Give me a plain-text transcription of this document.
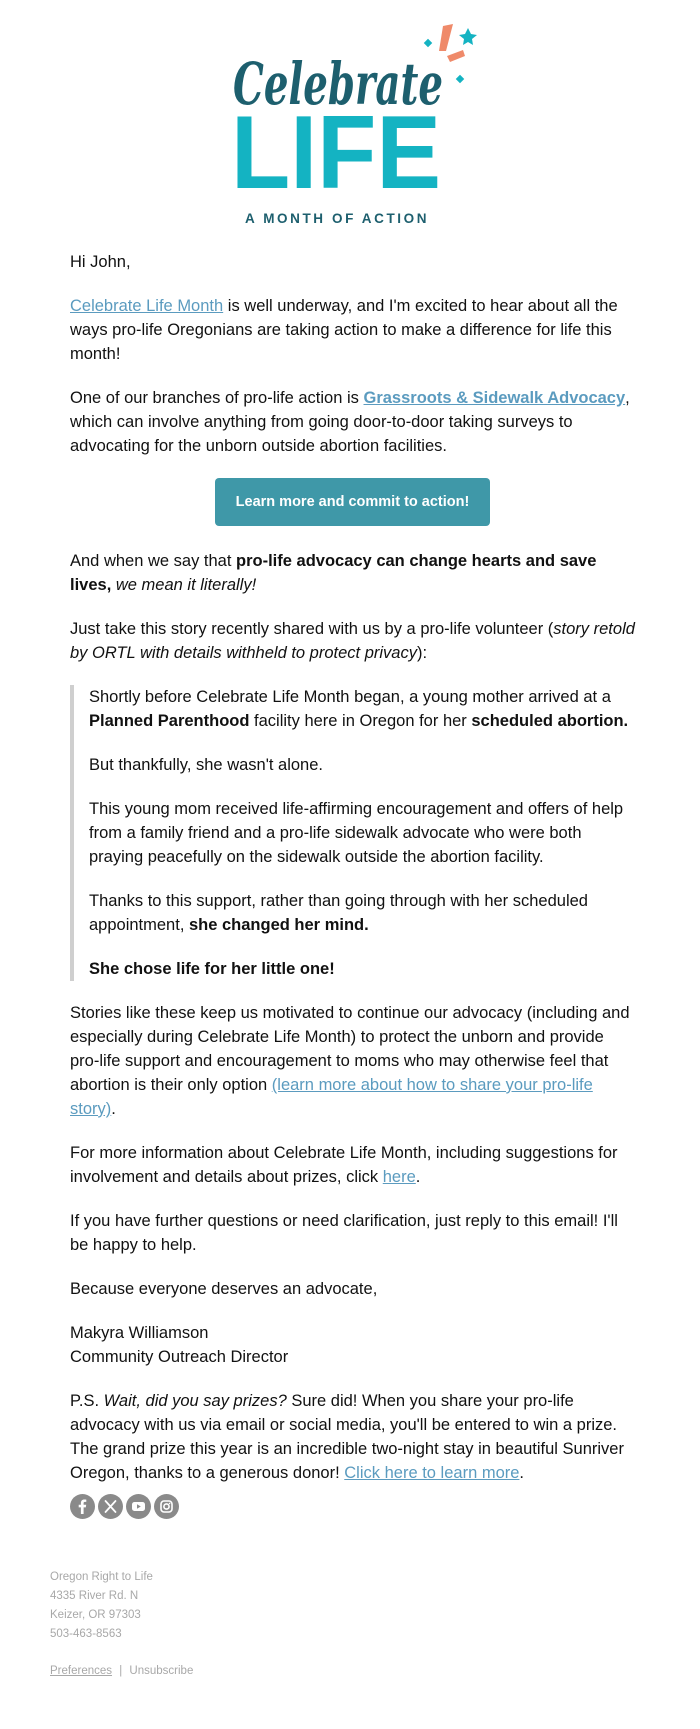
Celebrate
LIFE
A MONTH OF ACTION

Hi John,

Celebrate Life Month is well underway, and I'm excited to hear about all the ways pro-life Oregonians are taking action to make a difference for life this month!

One of our branches of pro-life action is Grassroots & Sidewalk Advocacy, which can involve anything from going door-to-door taking surveys to advocating for the unborn outside abortion facilities.

Learn more and commit to action!

And when we say that pro-life advocacy can change hearts and save lives, we mean it literally!

Just take this story recently shared with us by a pro-life volunteer (story retold by ORTL with details withheld to protect privacy):

Shortly before Celebrate Life Month began, a young mother arrived at a Planned Parenthood facility here in Oregon for her scheduled abortion.

But thankfully, she wasn't alone.

This young mom received life-affirming encouragement and offers of help from a family friend and a pro-life sidewalk advocate who were both praying peacefully on the sidewalk outside the abortion facility.

Thanks to this support, rather than going through with her scheduled appointment, she changed her mind.

She chose life for her little one!

Stories like these keep us motivated to continue our advocacy (including and especially during Celebrate Life Month) to protect the unborn and provide pro-life support and encouragement to moms who may otherwise feel that abortion is their only option (learn more about how to share your pro-life story).

For more information about Celebrate Life Month, including suggestions for involvement and details about prizes, click here.

If you have further questions or need clarification, just reply to this email! I'll be happy to help.

Because everyone deserves an advocate,

Makyra Williamson
Community Outreach Director

P.S. Wait, did you say prizes? Sure did! When you share your pro-life advocacy with us via email or social media, you'll be entered to win a prize. The grand prize this year is an incredible two-night stay in beautiful Sunriver Oregon, thanks to a generous donor! Click here to learn more.

Oregon Right to Life
4335 River Rd. N
Keizer, OR 97303
503-463-8563
Preferences | Unsubscribe
